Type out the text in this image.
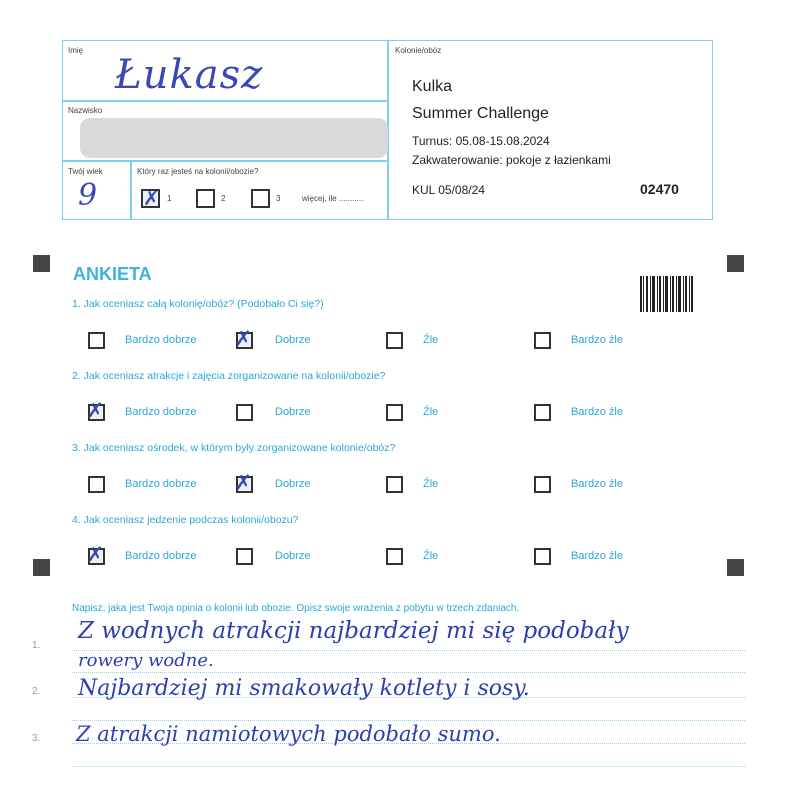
Imię
Łukasz
Nazwisko
Twój wiek
9
Który raz jesteś na kolonii/obozie?
✗ 1	2	3	więcej, ile ...........
Kolonie/obóz
Kulka
Summer Challenge
Turnus: 05.08-15.08.2024
Zakwaterowanie: pokoje z łazienkami
KUL 05/08/24	02470
ANKIETA
1. Jak oceniasz całą kolonię/obóz? (Podobało Ci się?)
Bardzo dobrze ✗ Dobrze	Źle	Bardzo źle
2. Jak oceniasz atrakcje i zajęcia zorganizowane na kolonii/obozie?
✗ Bardzo dobrze	Dobrze	Źle	Bardzo źle
3. Jak oceniasz ośrodek, w którym były zorganizowane kolonie/obóz?
Bardzo dobrze ✗ Dobrze	Źle	Bardzo źle
4. Jak oceniasz jedzenie podczas kolonii/obozu?
✗ Bardzo dobrze	Dobrze	Źle	Bardzo źle
Napisz, jaka jest Twoja opinia o kolonii lub obozie. Opisz swoje wrażenia z pobytu w trzech zdaniach.
1.
2.
3.
Z wodnych atrakcji najbardziej mi się podobały
rowery wodne.
Najbardziej mi smakowały kotlety i sosy.
Z atrakcji namiotowych podobało sumo.
